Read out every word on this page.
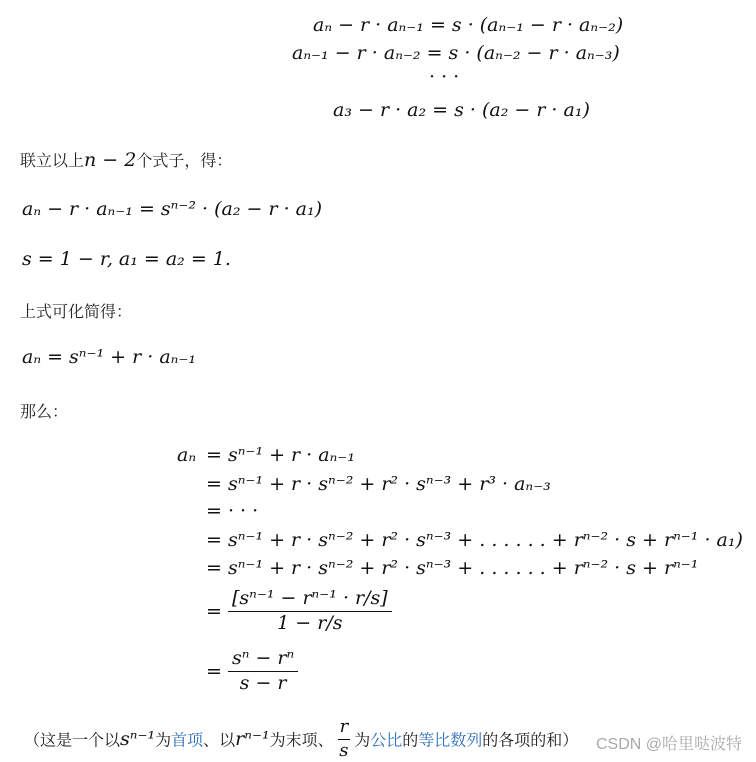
aₙ − r · aₙ₋₁ = s · (aₙ₋₁ − r · aₙ₋₂)
aₙ₋₁ − r · aₙ₋₂ = s · (aₙ₋₂ − r · aₙ₋₃)
· · ·
a₃ − r · a₂ = s · (a₂ − r · a₁)
联立以上n − 2个式子，得：
aₙ − r · aₙ₋₁ = sⁿ⁻² · (a₂ − r · a₁)
s = 1 − r, a₁ = a₂ = 1.
上式可化简得：
aₙ = sⁿ⁻¹ + r · aₙ₋₁
那么：
aₙ = sⁿ⁻¹ + r · aₙ₋₁
= sⁿ⁻¹ + r · sⁿ⁻² + r² · sⁿ⁻³ + r³ · aₙ₋₃
= · · ·
= sⁿ⁻¹ + r · sⁿ⁻² + r² · sⁿ⁻³ + . . . . . . + rⁿ⁻² · s + rⁿ⁻¹ · a₁)
= sⁿ⁻¹ + r · sⁿ⁻² + r² · sⁿ⁻³ + . . . . . . + rⁿ⁻² · s + rⁿ⁻¹
= $\frac{\text{[sⁿ⁻¹ − rⁿ⁻¹ · r/s]}}{1 - r/s}$
= $\frac{\text{sⁿ − rⁿ}}{s - r}$
（这是一个以sⁿ⁻¹为首项、以rⁿ⁻¹为末项、 $\frac{r}{s}$ 为公比的等比数列的各项的和） CSDN @哈里哒波特
